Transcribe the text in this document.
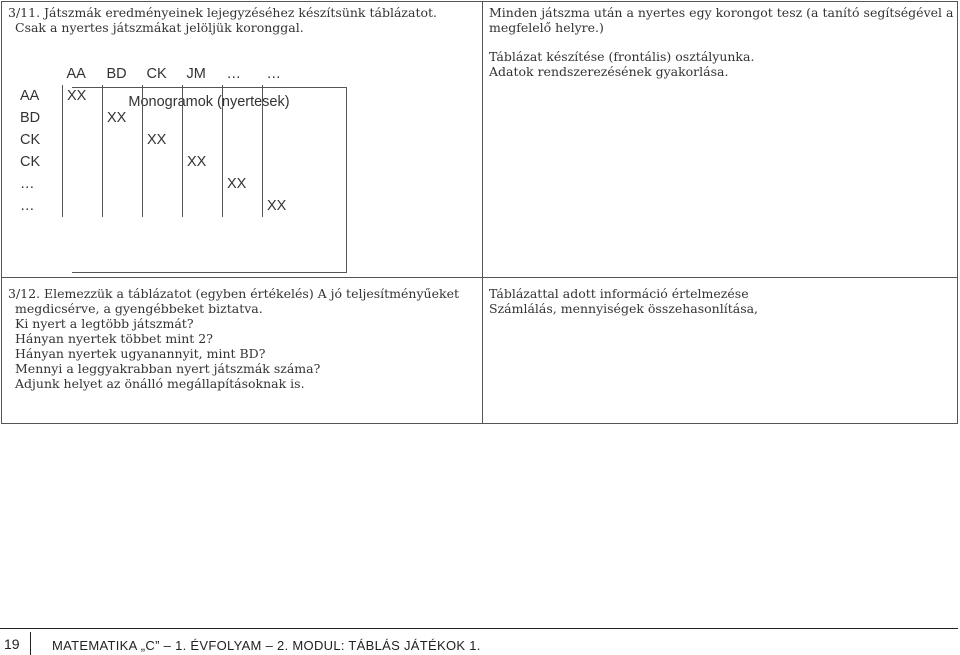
3/11. Játszmák eredményeinek lejegyzéséhez készítsünk táblázatot.
Csak a nyertes játszmákat jelöljük koronggal.
Monogramok (nyertesek)
	AA	BD	CK	JM	…	…
AA	XX					
BD		XX				
CK			XX			
CK				XX		
…					XX	
…						XX

Minden játszma után a nyertes egy korongot tesz (a tanító segítségével a
megfelelő helyre.)
Táblázat készítése (frontális) osztályunka.
Adatok rendszerezésének gyakorlása.

3/12. Elemezzük a táblázatot (egyben értékelés) A jó teljesítményűeket
megdicsérve, a gyengébbeket biztatva.
Ki nyert a legtöbb játszmát?
Hányan nyertek többet mint 2?
Hányan nyertek ugyanannyit, mint BD?
Mennyi a leggyakrabban nyert játszmák száma?
Adjunk helyet az önálló megállapításoknak is.

Táblázattal adott információ értelmezése
Számlálás, mennyiségek összehasonlítása,
19 MATEMATIKA „C” – 1. ÉVFOLYAM – 2. MODUL: TÁBLÁS JÁTÉKOK 1.
